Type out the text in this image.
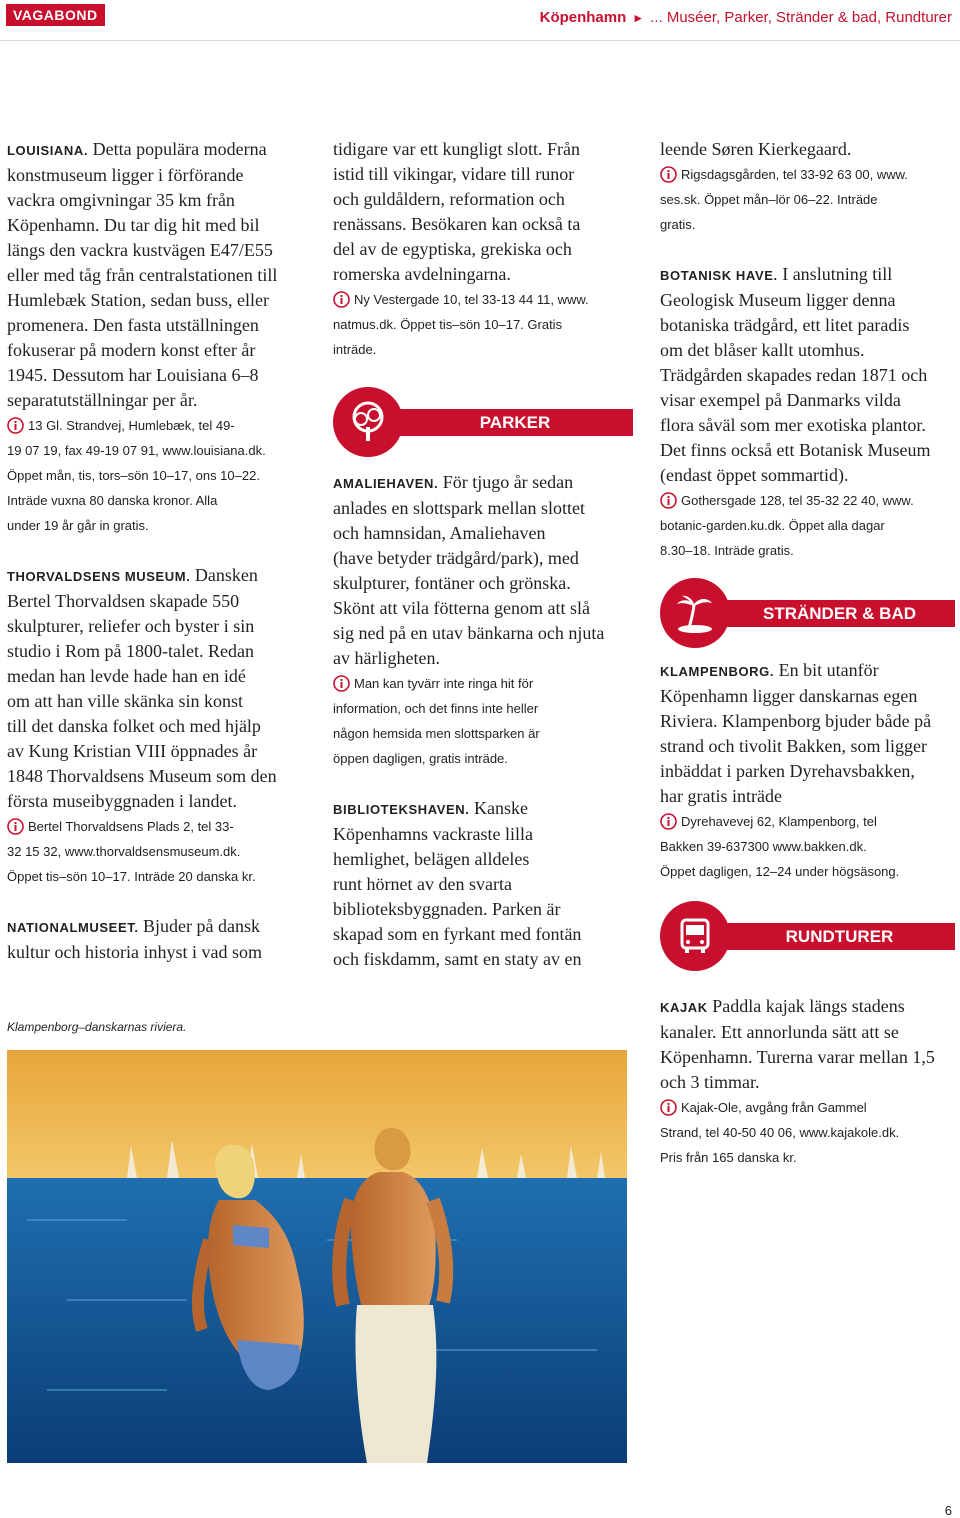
VAGABOND	Köpenhamn ► ... Muséer, Parker, Stränder & bad, Rundturer

LOUISIANA. Detta populära moderna
konstmuseum ligger i förförande
vackra omgivningar 35 km från
Köpenhamn. Du tar dig hit med bil
längs den vackra kustvägen E47/E55
eller med tåg från centralstationen till
Humlebæk Station, sedan buss, eller
promenera. Den fasta utställningen
fokuserar på modern konst efter år
1945. Dessutom har Louisiana 6–8
separatutställningar per år.

13 Gl. Strandvej, Humlebæk, tel 49-
19 07 19, fax 49-19 07 91, www.louisiana.dk.
Öppet mån, tis, tors–sön 10–17, ons 10–22.
Inträde vuxna 80 danska kronor. Alla
under 19 år går in gratis.

THORVALDSENS MUSEUM. Dansken
Bertel Thorvaldsen skapade 550
skulpturer, reliefer och byster i sin
studio i Rom på 1800-talet. Redan
medan han levde hade han en idé
om att han ville skänka sin konst
till det danska folket och med hjälp
av Kung Kristian VIII öppnades år
1848 Thorvaldsens Museum som den
första museibyggnaden i landet.

Bertel Thorvaldsens Plads 2, tel 33-
32 15 32, www.thorvaldsensmuseum.dk.
Öppet tis–sön 10–17. Inträde 20 danska kr.

NATIONALMUSEET. Bjuder på dansk
kultur och historia inhyst i vad som

tidigare var ett kungligt slott. Från
istid till vikingar, vidare till runor
och guldåldern, reformation och
renässans. Besökaren kan också ta
del av de egyptiska, grekiska och
romerska avdelningarna.

Ny Vestergade 10, tel 33-13 44 11, www.
natmus.dk. Öppet tis–sön 10–17. Gratis
inträde.

PARKER

AMALIEHAVEN. För tjugo år sedan
anlades en slottspark mellan slottet
och hamnsidan, Amaliehaven
(have betyder trädgård/park), med
skulpturer, fontäner och grönska.
Skönt att vila fötterna genom att slå
sig ned på en utav bänkarna och njuta
av härligheten.

Man kan tyvärr inte ringa hit för
information, och det finns inte heller
någon hemsida men slottsparken är
öppen dagligen, gratis inträde.

BIBLIOTEKSHAVEN. Kanske
Köpenhamns vackraste lilla
hemlighet, belägen alldeles
runt hörnet av den svarta
biblioteksbyggnaden. Parken är
skapad som en fyrkant med fontän
och fiskdamm, samt en staty av en

leende Søren Kierkegaard.

Rigsdagsgården, tel 33-92 63 00, www.
ses.sk. Öppet mån–lör 06–22. Inträde
gratis.

BOTANISK HAVE. I anslutning till
Geologisk Museum ligger denna
botaniska trädgård, ett litet paradis
om det blåser kallt utomhus.
Trädgården skapades redan 1871 och
visar exempel på Danmarks vilda
flora såväl som mer exotiska plantor.
Det finns också ett Botanisk Museum
(endast öppet sommartid).

Gothersgade 128, tel 35-32 22 40, www.
botanic-garden.ku.dk. Öppet alla dagar
8.30–18. Inträde gratis.

STRÄNDER & BAD

KLAMPENBORG. En bit utanför
Köpenhamn ligger danskarnas egen
Riviera. Klampenborg bjuder både på
strand och tivolit Bakken, som ligger
inbäddat i parken Dyrehavsbakken,
har gratis inträde

Dyrehavevej 62, Klampenborg, tel
Bakken 39-637300 www.bakken.dk.
Öppet dagligen, 12–24 under högsäsong.

RUNDTURER

KAJAK Paddla kajak längs stadens
kanaler. Ett annorlunda sätt att se
Köpenhamn. Turerna varar mellan 1,5
och 3 timmar.

Kajak-Ole, avgång från Gammel
Strand, tel 40-50 40 06, www.kajakole.dk.
Pris från 165 danska kr.

Klampenborg–danskarnas riviera.
6
